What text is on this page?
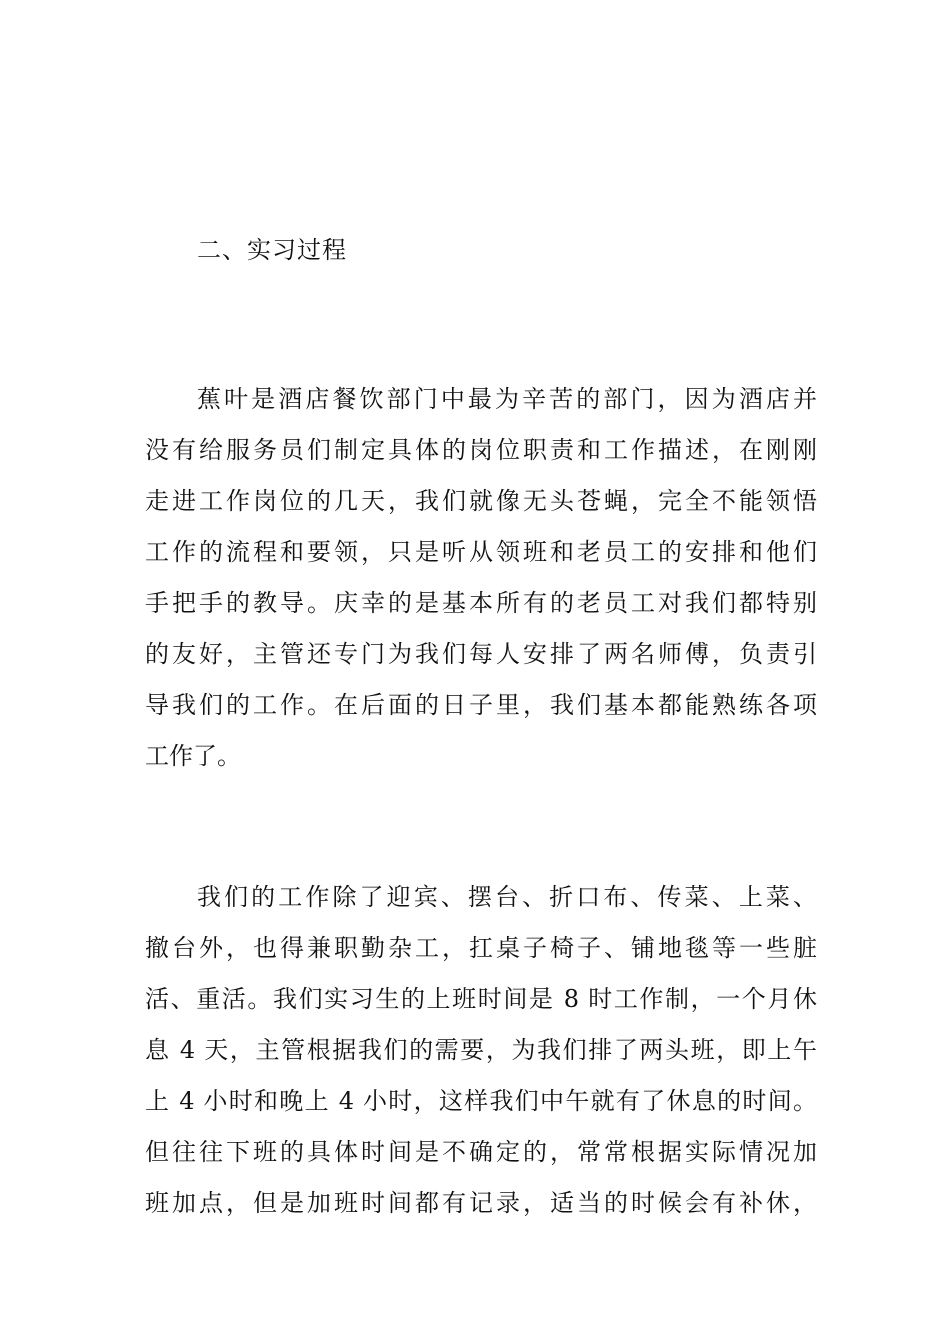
二、实习过程
蕉叶是酒店餐饮部门中最为辛苦的部门，因为酒店并
没有给服务员们制定具体的岗位职责和工作描述，在刚刚
走进工作岗位的几天，我们就像无头苍蝇，完全不能领悟
工作的流程和要领，只是听从领班和老员工的安排和他们
手把手的教导。庆幸的是基本所有的老员工对我们都特别
的友好，主管还专门为我们每人安排了两名师傅，负责引
导我们的工作。在后面的日子里，我们基本都能熟练各项
工作了。
我们的工作除了迎宾、摆台、折口布、传菜、上菜、
撤台外，也得兼职勤杂工，扛桌子椅子、铺地毯等一些脏
活、重活。我们实习生的上班时间是 8 时工作制，一个月休
息 4 天，主管根据我们的需要，为我们排了两头班，即上午
上 4 小时和晚上 4 小时，这样我们中午就有了休息的时间。
但往往下班的具体时间是不确定的，常常根据实际情况加
班加点，但是加班时间都有记录，适当的时候会有补休，
